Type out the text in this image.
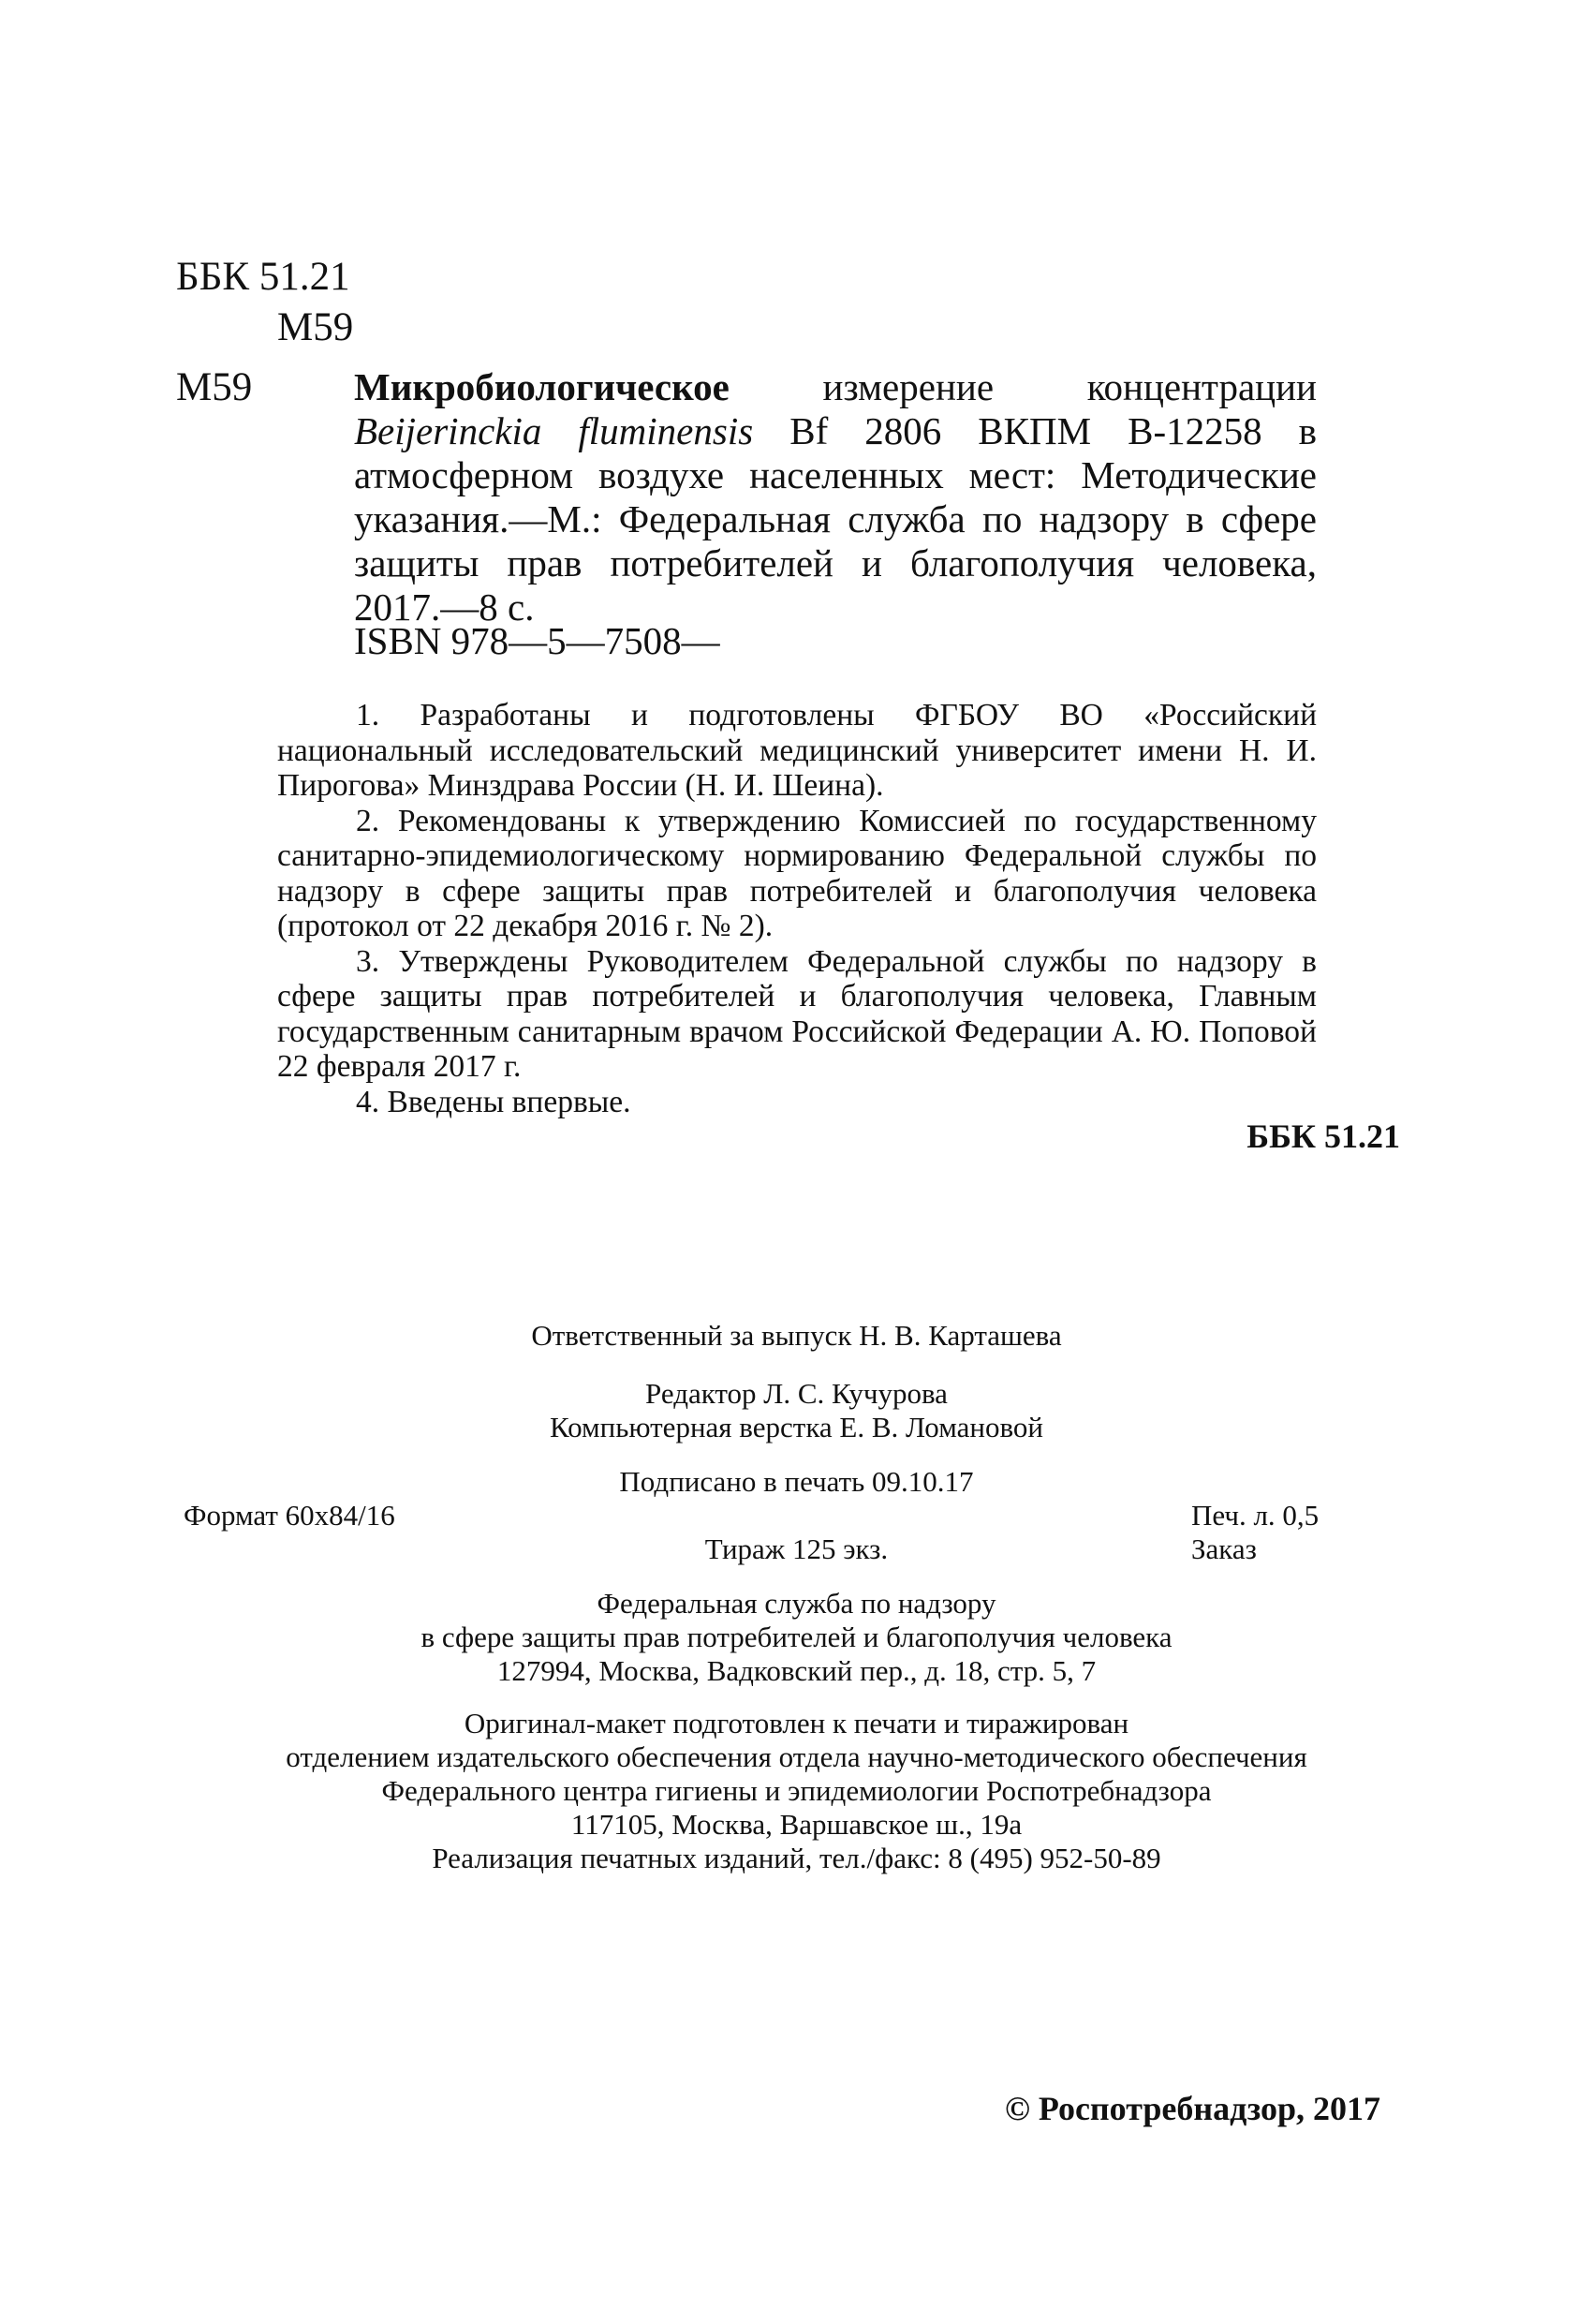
ББК 51.21
М59
М59	Микробиологическое измерение концентрации Beijerinckia fluminensis Bf 2806 ВКПМ В-12258 в атмосферном воздухе населенных мест: Методические указания.—М.: Федеральная служба по надзору в сфере защиты прав потребителей и благополучия человека, 2017.—8 с.
ISBN 978—5—7508—

1. Разработаны и подготовлены ФГБОУ ВО «Российский национальный исследовательский медицинский университет имени Н. И. Пирогова» Минздрава России (Н. И. Шеина).

2. Рекомендованы к утверждению Комиссией по государственному санитарно-эпидемиологическому нормированию Федеральной службы по надзору в сфере защиты прав потребителей и благополучия человека (протокол от 22 декабря 2016 г. № 2).

3. Утверждены Руководителем Федеральной службы по надзору в сфере защиты прав потребителей и благополучия человека, Главным государственным санитарным врачом Российской Федерации А. Ю. Поповой 22 февраля 2017 г.

4. Введены впервые.

ББК 51.21
Ответственный за выпуск Н. В. Карташева
Редактор Л. С. Кучурова
Компьютерная верстка Е. В. Ломановой
Подписано в печать 09.10.17
Формат 60х84/16	Печ. л. 0,5
Тираж 125 экз.	Заказ
Федеральная служба по надзору
в сфере защиты прав потребителей и благополучия человека
127994, Москва, Вадковский пер., д. 18, стр. 5, 7
Оригинал-макет подготовлен к печати и тиражирован
отделением издательского обеспечения отдела научно-методического обеспечения
Федерального центра гигиены и эпидемиологии Роспотребнадзора
117105, Москва, Варшавское ш., 19а
Реализация печатных изданий, тел./факс: 8 (495) 952-50-89
© Роспотребнадзор, 2017
